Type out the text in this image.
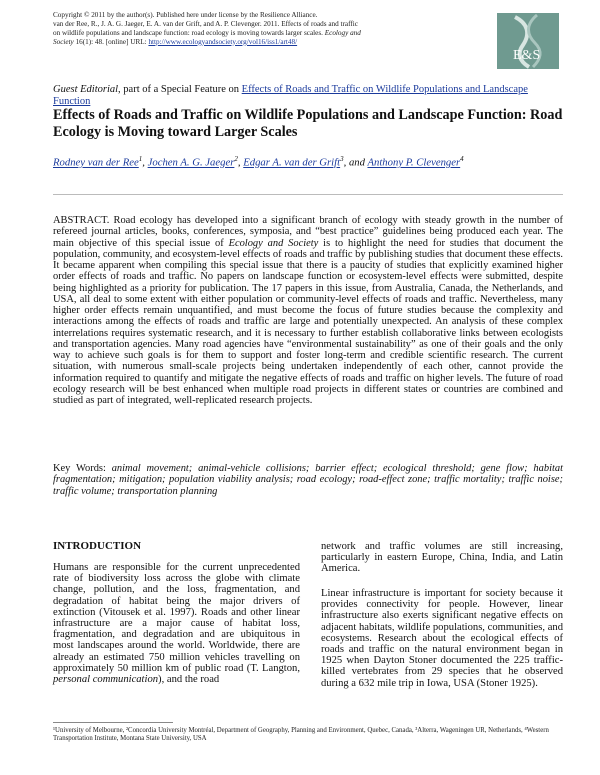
Copyright © 2011 by the author(s). Published here under license by the Resilience Alliance.
van der Ree, R., J. A. G. Jaeger, E. A. van der Grift, and A. P. Clevenger. 2011. Effects of roads and traffic
on wildlife populations and landscape function: road ecology is moving towards larger scales. Ecology and
Society 16(1): 48. [online] URL: http://www.ecologyandsociety.org/vol16/iss1/art48/
E&S
Guest Editorial, part of a Special Feature on Effects of Roads and Traffic on Wildlife Populations and Landscape Function
Effects of Roads and Traffic on Wildlife Populations and Landscape Function: Road Ecology is Moving toward Larger Scales
Rodney van der Ree$^1$, Jochen A. G. Jaeger$^2$, Edgar A. van der Grift$^3$, and Anthony P. Clevenger$^4$

ABSTRACT. Road ecology has developed into a significant branch of ecology with steady growth in the number of refereed journal articles, books, conferences, symposia, and “best practice” guidelines being produced each year. The main objective of this special issue of Ecology and Society is to highlight the need for studies that document the population, community, and ecosystem-level effects of roads and traffic by publishing studies that document these effects. It became apparent when compiling this special issue that there is a paucity of studies that explicitly examined higher order effects of roads and traffic. No papers on landscape function or ecosystem-level effects were submitted, despite being highlighted as a priority for publication. The 17 papers in this issue, from Australia, Canada, the Netherlands, and USA, all deal to some extent with either population or community-level effects of roads and traffic. Nevertheless, many higher order effects remain unquantified, and must become the focus of future studies because the complexity and interactions among the effects of roads and traffic are large and potentially unexpected. An analysis of these complex interrelations requires systematic research, and it is necessary to further establish collaborative links between ecologists and transportation agencies. Many road agencies have “environmental sustainability” as one of their goals and the only way to achieve such goals is for them to support and foster long-term and credible scientific research. The current situation, with numerous small-scale projects being undertaken independently of each other, cannot provide the information required to quantify and mitigate the negative effects of roads and traffic on higher levels. The future of road ecology research will be best enhanced when multiple road projects in different states or countries are combined and studied as part of integrated, well-replicated research projects.

Key Words: animal movement; animal-vehicle collisions; barrier effect; ecological threshold; gene flow; habitat fragmentation; mitigation; population viability analysis; road ecology; road-effect zone; traffic mortality; traffic noise; traffic volume; transportation planning

INTRODUCTION

Humans are responsible for the current unprecedented rate of biodiversity loss across the globe with climate change, pollution, and the loss, fragmentation, and degradation of habitat being the major drivers of extinction (Vitousek et al. 1997). Roads and other linear infrastructure are a major cause of habitat loss, fragmentation, and degradation and are ubiquitous in most landscapes around the world. Worldwide, there are already an estimated 750 million vehicles travelling on approximately 50 million km of public road (T. Langton, personal communication), and the road

network and traffic volumes are still increasing, particularly in eastern Europe, China, India, and Latin America.

Linear infrastructure is important for society because it provides connectivity for people. However, linear infrastructure also exerts significant negative effects on adjacent habitats, wildlife populations, communities, and ecosystems. Research about the ecological effects of roads and traffic on the natural environment began in 1925 when Dayton Stoner documented the 225 traffic-killed vertebrates from 29 species that he observed during a 632 mile trip in Iowa, USA (Stoner 1925).

¹University of Melbourne, ²Concordia University Montréal, Department of Geography, Planning and Environment, Quebec, Canada, ³Alterra, Wageningen UR, Netherlands, ⁴Western Transportation Institute, Montana State University, USA
